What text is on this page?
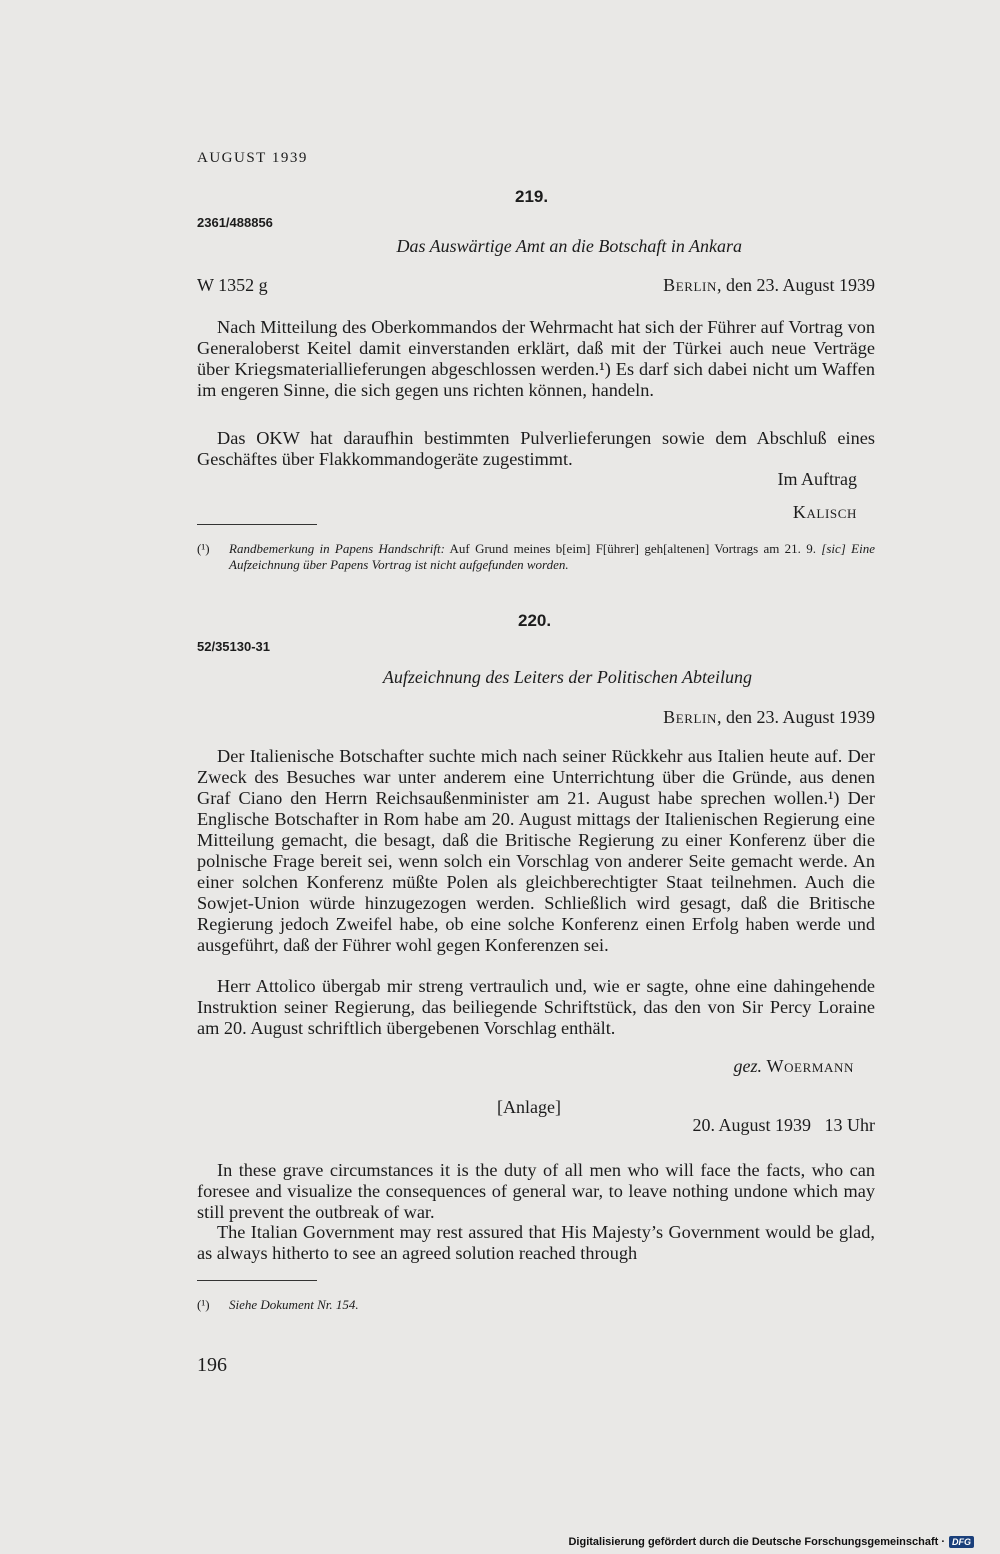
AUGUST 1939
219.
2361/488856
Das Auswärtige Amt an die Botschaft in Ankara
W 1352 g	Berlin, den 23. August 1939

Nach Mitteilung des Oberkommandos der Wehrmacht hat sich der Führer auf Vortrag von Generaloberst Keitel damit einverstanden erklärt, daß mit der Türkei auch neue Verträge über Kriegsmateriallieferungen abgeschlossen werden.¹) Es darf sich dabei nicht um Waffen im engeren Sinne, die sich gegen uns richten können, handeln.

Das OKW hat daraufhin bestimmten Pulverlieferungen sowie dem Abschluß eines Geschäftes über Flakkommandogeräte zugestimmt.

Im Auftrag
Kalisch
(¹) Randbemerkung in Papens Handschrift: Auf Grund meines b[eim] F[ührer] geh[altenen] Vortrags am 21. 9. [sic] Eine Aufzeichnung über Papens Vortrag ist nicht aufgefunden worden.
220.
52/35130-31
Aufzeichnung des Leiters der Politischen Abteilung
Berlin, den 23. August 1939

Der Italienische Botschafter suchte mich nach seiner Rückkehr aus Italien heute auf. Der Zweck des Besuches war unter anderem eine Unterrichtung über die Gründe, aus denen Graf Ciano den Herrn Reichsaußenminister am 21. August habe sprechen wollen.¹) Der Englische Botschafter in Rom habe am 20. August mittags der Italienischen Regierung eine Mitteilung gemacht, die besagt, daß die Britische Regierung zu einer Konferenz über die polnische Frage bereit sei, wenn solch ein Vorschlag von anderer Seite gemacht werde. An einer solchen Konferenz müßte Polen als gleichberechtigter Staat teilnehmen. Auch die Sowjet-Union würde hinzugezogen werden. Schließlich wird gesagt, daß die Britische Regierung jedoch Zweifel habe, ob eine solche Konferenz einen Erfolg haben werde und ausgeführt, daß der Führer wohl gegen Konferenzen sei.

Herr Attolico übergab mir streng vertraulich und, wie er sagte, ohne eine dahingehende Instruktion seiner Regierung, das beiliegende Schriftstück, das den von Sir Percy Loraine am 20. August schriftlich übergebenen Vorschlag enthält.

gez. Woermann
[Anlage]
20. August 1939   13 Uhr

In these grave circumstances it is the duty of all men who will face the facts, who can foresee and visualize the consequences of general war, to leave nothing undone which may still prevent the outbreak of war.

The Italian Government may rest assured that His Majesty’s Government would be glad, as always hitherto to see an agreed solution reached through

(¹) Siehe Dokument Nr. 154.
196
Digitalisierung gefördert durch die Deutsche Forschungsgemeinschaft · DFG
